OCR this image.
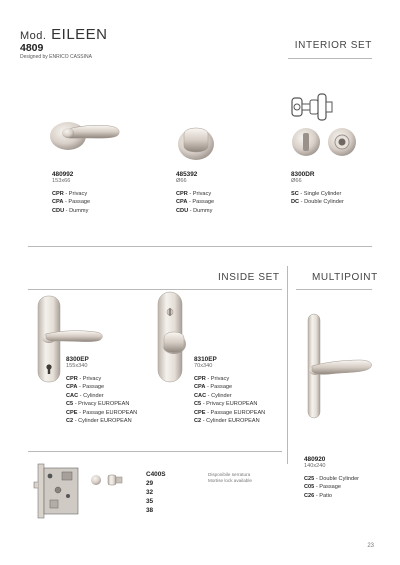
Mod. EILEEN
4809
Designed by ENRICO CASSINA
INTERIOR SET
480992
153x66
CPR - Privacy
CPA - Passage
CDU - Dummy
485392
Ø66
CPR - Privacy
CPA - Passage
CDU - Dummy
8300DR
Ø66
SC - Single Cylinder
DC - Double Cylinder
INSIDE SET	MULTIPOINT
8300EP
155x340
CPR - Privacy
CPA - Passage
CAC - Cylinder
C5 - Privacy EUROPEAN
CPE - Passage EUROPEAN
C2 - Cylinder EUROPEAN
8310EP
70x340
CPR - Privacy
CPA - Passage
CAC - Cylinder
C5 - Privacy EUROPEAN
CPE - Passage EUROPEAN
C2 - Cylinder EUROPEAN
480920
140x240
C25 - Double Cylinder
C05 - Passage
C26 - Patio
C400S
29
32
35
38
Disponibile serratura
Mortise lock available
23
